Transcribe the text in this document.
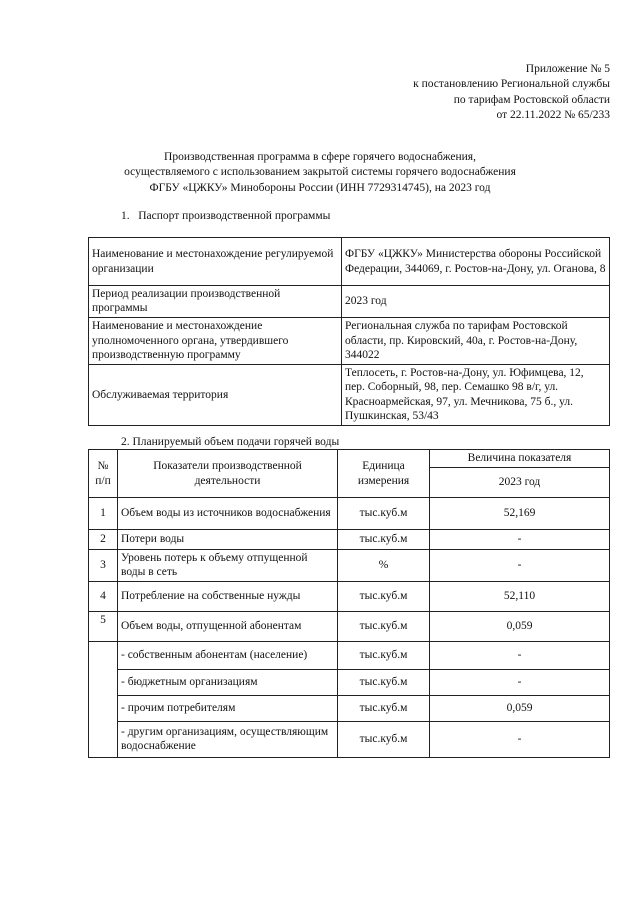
Приложение № 5
к постановлению Региональной службы
по тарифам Ростовской области
от 22.11.2022 № 65/233
Производственная программа в сфере горячего водоснабжения,
осуществляемого с использованием закрытой системы горячего водоснабжения
ФГБУ «ЦЖКУ» Минобороны России (ИНН 7729314745), на 2023 год
1. Паспорт производственной программы
Наименование и местонахождение регулируемой организации	ФГБУ «ЦЖКУ» Министерства обороны Российской Федерации, 344069, г. Ростов-на-Дону, ул. Оганова, 8
Период реализации производственной программы	2023 год
Наименование и местонахождение уполномоченного органа, утвердившего производственную программу	Региональная служба по тарифам Ростовской области, пр. Кировский, 40а, г. Ростов-на-Дону, 344022
Обслуживаемая территория	Теплосеть, г. Ростов-на-Дону, ул. Юфимцева, 12, пер. Соборный, 98, пер. Семашко 98 в/г, ул. Красноармейская, 97, ул. Мечникова, 75 б., ул. Пушкинская, 53/43
2. Планируемый объем подачи горячей воды
№ п/п	Показатели производственной деятельности	Единица измерения	Величина показателя
			2023 год
1	Объем воды из источников водоснабжения	тыс.куб.м	52,169
2	Потери воды	тыс.куб.м	-
3	Уровень потерь к объему отпущенной воды в сеть	%	-
4	Потребление на собственные нужды	тыс.куб.м	52,110
5	Объем воды, отпущенной абонентам	тыс.куб.м	0,059
	- собственным абонентам (население)	тыс.куб.м	-
	- бюджетным организациям	тыс.куб.м	-
	- прочим потребителям	тыс.куб.м	0,059
	- другим организациям, осуществляющим водоснабжение	тыс.куб.м	-
